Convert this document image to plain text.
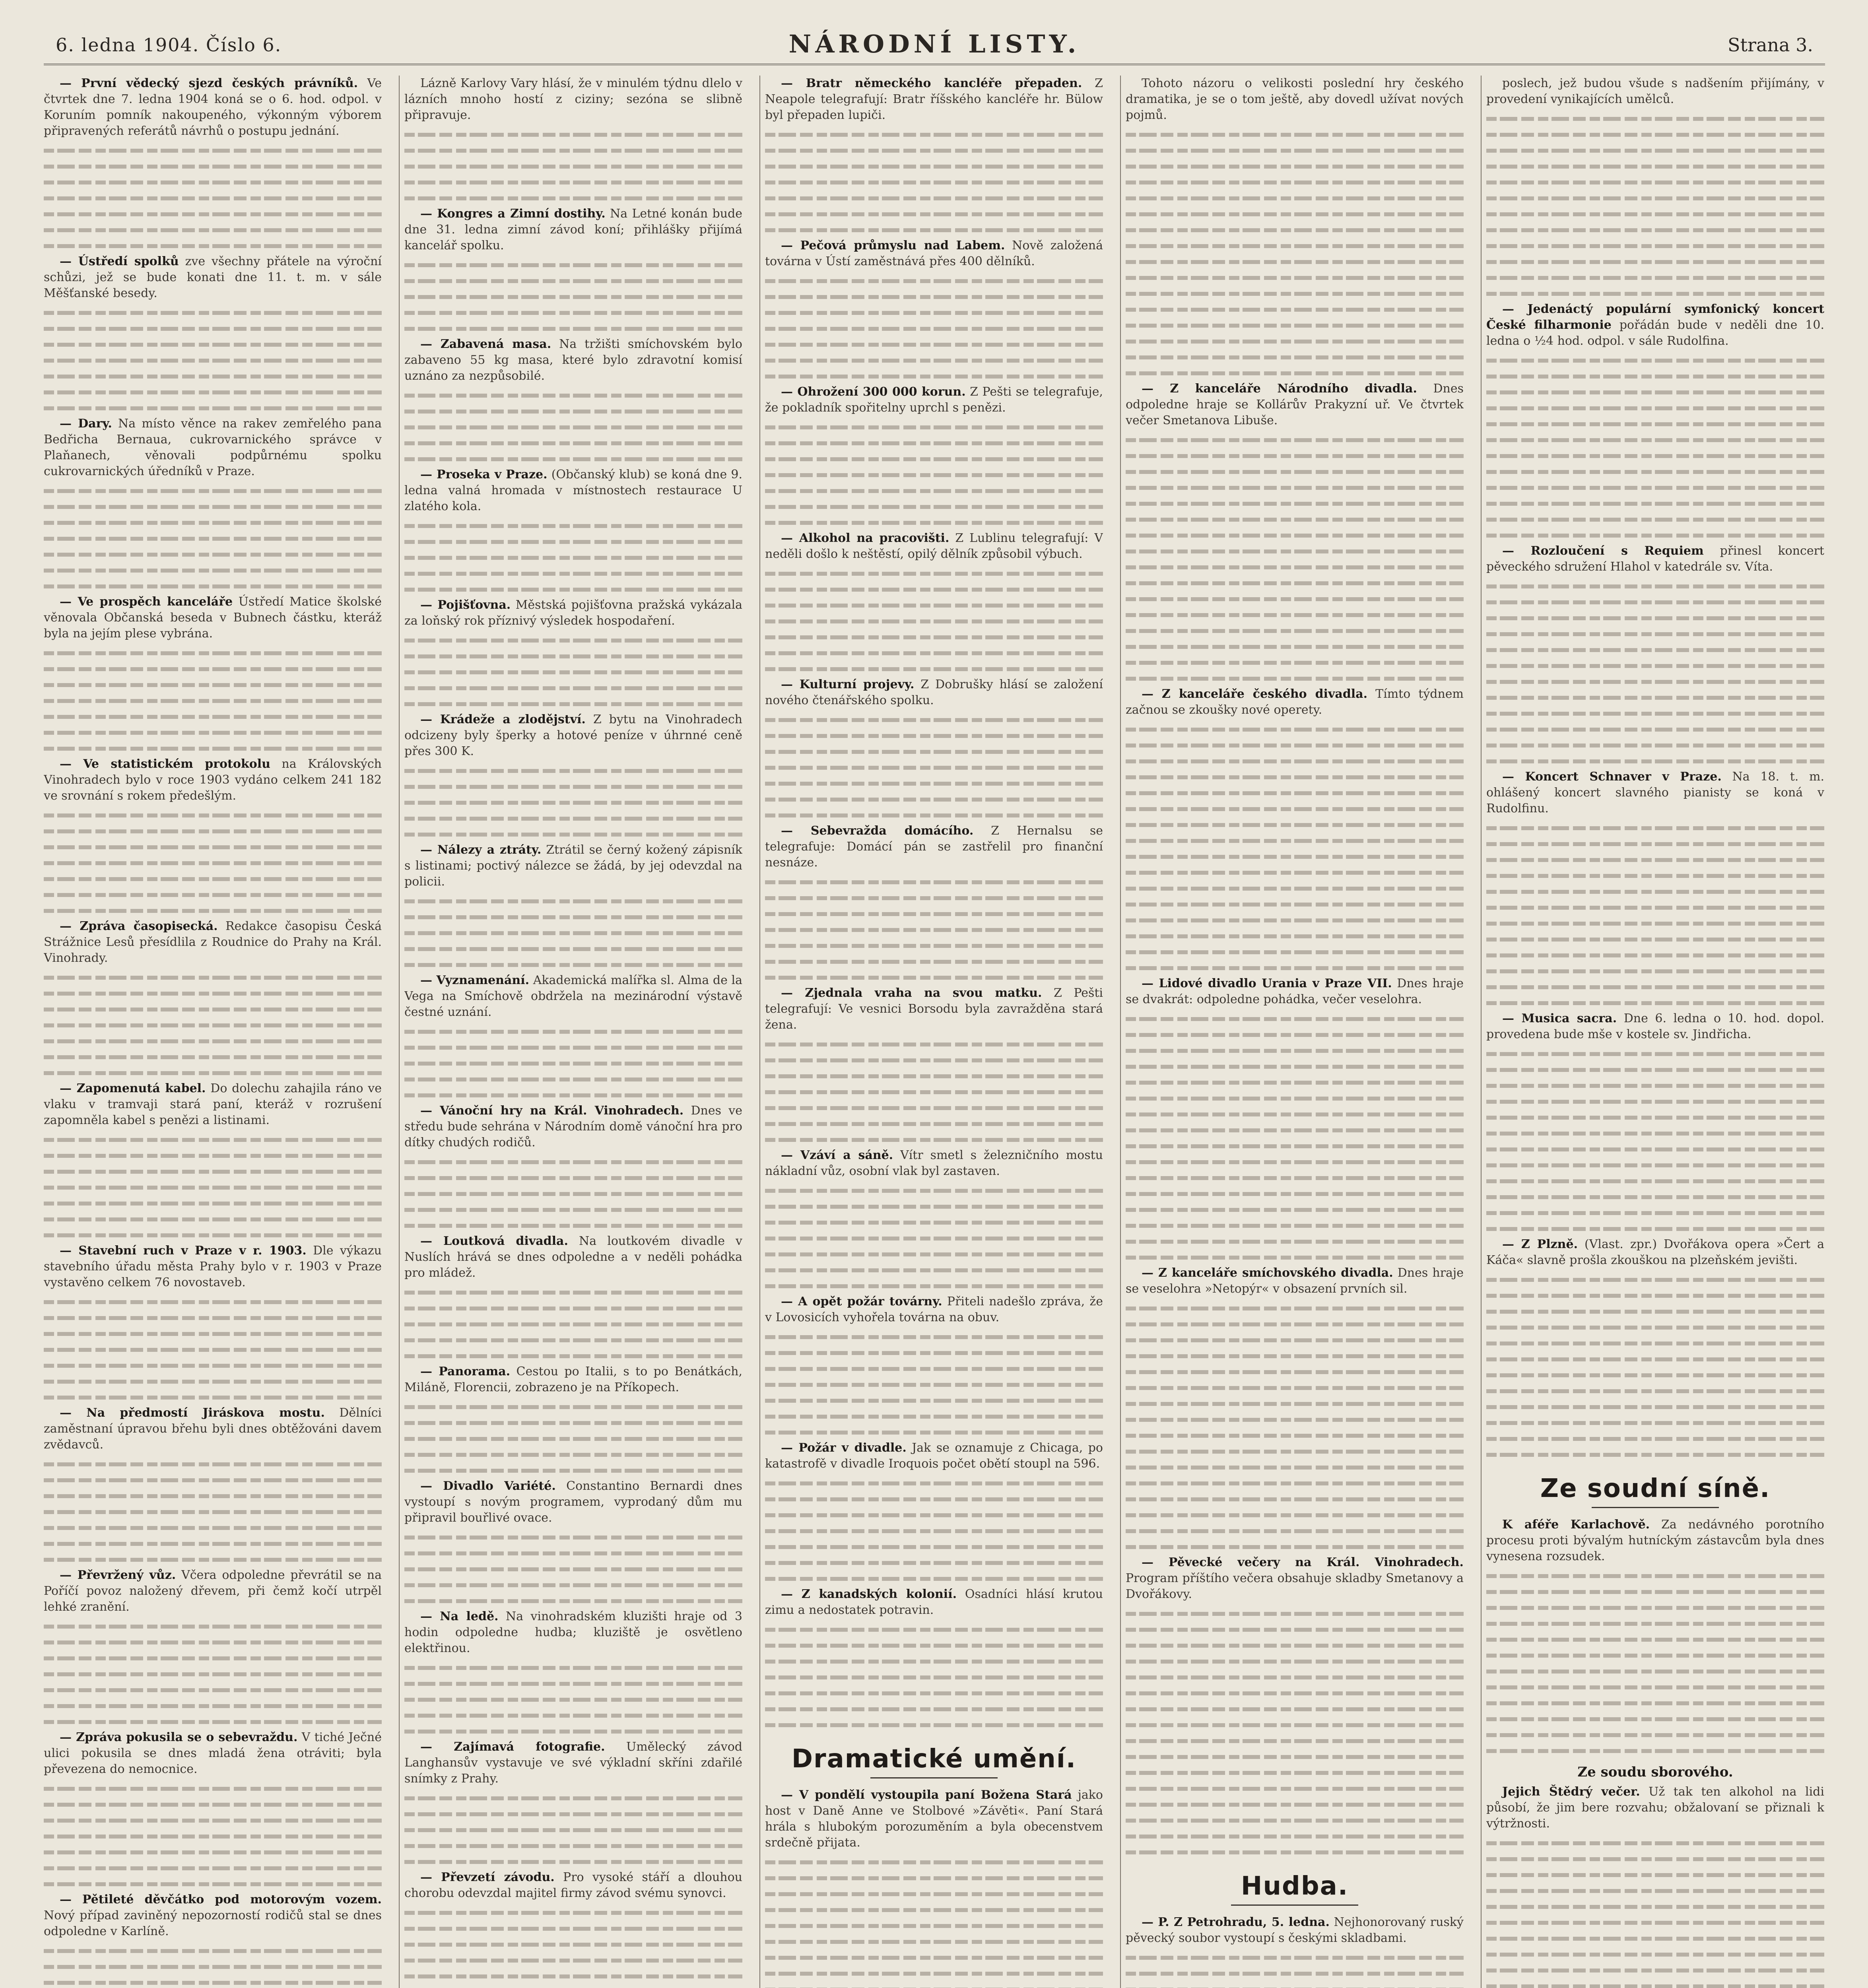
6. ledna 1904. Číslo 6.	NÁRODNÍ LISTY.	Strana 3.

— První vědecký sjezd českých právníků. Ve čtvrtek dne 7. ledna 1904 koná se o 6. hod. odpol. v Koruním pomník nakoupeného, výkonným výborem připravených referátů návrhů o postupu jednání.

— Ústředí spolků zve všechny přátele na výroční schůzi, jež se bude konati dne 11. t. m. v sále Měšťanské besedy.

— Dary. Na místo věnce na rakev zemřelého pana Bedřicha Bernaua, cukrovarnického správce v Plaňanech, věnovali podpůrnému spolku cukrovarnických úředníků v Praze.

— Ve prospěch kanceláře Ústředí Matice školské věnovala Občanská beseda v Bubnech částku, kteráž byla na jejím plese vybrána.

— Ve statistickém protokolu na Královských Vinohradech bylo v roce 1903 vydáno celkem 241 182 ve srovnání s rokem předešlým.

— Zpráva časopisecká. Redakce časopisu Česká Strážnice Lesů přesídlila z Roudnice do Prahy na Král. Vinohrady.

— Zapomenutá kabel. Do dolechu zahajila ráno ve vlaku v tramvaji stará paní, kteráž v rozrušení zapomněla kabel s penězi a listinami.

— Stavební ruch v Praze v r. 1903. Dle výkazu stavebního úřadu města Prahy bylo v r. 1903 v Praze vystavěno celkem 76 novostaveb.

— Na předmostí Jiráskova mostu. Dělníci zaměstnaní úpravou břehu byli dnes obtěžováni davem zvědavců.

— Převržený vůz. Včera odpoledne převrátil se na Poříčí povoz naložený dřevem, při čemž kočí utrpěl lehké zranění.

— Zpráva pokusila se o sebevraždu. V tiché Ječné ulici pokusila se dnes mladá žena otráviti; byla převezena do nemocnice.

— Pětileté děvčátko pod motorovým vozem. Nový případ zaviněný nepozorností rodičů stal se dnes odpoledne v Karlíně.

Lázně Karlovy Vary hlásí, že v minulém týdnu dlelo v lázních mnoho hostí z ciziny; sezóna se slibně připravuje.

— Kongres a Zimní dostihy. Na Letné konán bude dne 31. ledna zimní závod koní; přihlášky přijímá kancelář spolku.

— Zabavená masa. Na tržišti smíchovském bylo zabaveno 55 kg masa, které bylo zdravotní komisí uznáno za nezpůsobilé.

— Proseka v Praze. (Občanský klub) se koná dne 9. ledna valná hromada v místnostech restaurace U zlatého kola.

— Pojišťovna. Městská pojišťovna pražská vykázala za loňský rok příznivý výsledek hospodaření.

— Krádeže a zlodějství. Z bytu na Vinohradech odcizeny byly šperky a hotové peníze v úhrnné ceně přes 300 K.

— Nálezy a ztráty. Ztrátil se černý kožený zápisník s listinami; poctivý nálezce se žádá, by jej odevzdal na policii.

— Vyznamenání. Akademická malířka sl. Alma de la Vega na Smíchově obdržela na mezinárodní výstavě čestné uznání.

— Vánoční hry na Král. Vinohradech. Dnes ve středu bude sehrána v Národním domě vánoční hra pro dítky chudých rodičů.

— Loutková divadla. Na loutkovém divadle v Nuslích hrává se dnes odpoledne a v neděli pohádka pro mládež.

— Panorama. Cestou po Italii, s to po Benátkách, Miláně, Florencii, zobrazeno je na Příkopech.

— Divadlo Variété. Constantino Bernardi dnes vystoupí s novým programem, vyprodaný dům mu připravil bouřlivé ovace.

— Na ledě. Na vinohradském kluzišti hraje od 3 hodin odpoledne hudba; kluziště je osvětleno elektřinou.

— Zajímavá fotografie. Umělecký závod Langhansův vystavuje ve své výkladní skříni zdařilé snímky z Prahy.

— Převzetí závodu. Pro vysoké stáří a dlouhou chorobu odevzdal majitel firmy závod svému synovci.

— Bratr německého kancléře přepaden. Z Neapole telegrafují: Bratr říšského kancléře hr. Bülow byl přepaden lupiči.

— Pečová průmyslu nad Labem. Nově založená továrna v Ústí zaměstnává přes 400 dělníků.

— Ohrožení 300 000 korun. Z Pešti se telegrafuje, že pokladník spořitelny uprchl s penězi.

— Alkohol na pracovišti. Z Lublinu telegrafují: V neděli došlo k neštěstí, opilý dělník způsobil výbuch.

— Kulturní projevy. Z Dobrušky hlásí se založení nového čtenářského spolku.

— Sebevražda domácího. Z Hernalsu se telegrafuje: Domácí pán se zastřelil pro finanční nesnáze.

— Zjednala vraha na svou matku. Z Pešti telegrafují: Ve vesnici Borsodu byla zavražděna stará žena.

— Vzáví a sáně. Vítr smetl s železničního mostu nákladní vůz, osobní vlak byl zastaven.

— A opět požár továrny. Přiteli nadešlo zpráva, že v Lovosicích vyhořela továrna na obuv.

— Požár v divadle. Jak se oznamuje z Chicaga, po katastrofě v divadle Iroquois počet obětí stoupl na 596.

— Z kanadských kolonií. Osadníci hlásí krutou zimu a nedostatek potravin.

Dramatické umění.

— V pondělí vystoupila paní Božena Stará jako host v Daně Anne ve Stolbové »Závěti«. Paní Stará hrála s hlubokým porozuměním a byla obecenstvem srdečně přijata.

Tohoto názoru o velikosti poslední hry českého dramatika, je se o tom ještě, aby dovedl užívat nových pojmů.

— Z kanceláře Národního divadla. Dnes odpoledne hraje se Kollárův Prakyzní uř. Ve čtvrtek večer Smetanova Libuše.

— Z kanceláře českého divadla. Tímto týdnem začnou se zkoušky nové operety.

— Lidové divadlo Urania v Praze VII. Dnes hraje se dvakrát: odpoledne pohádka, večer veselohra.

— Z kanceláře smíchovského divadla. Dnes hraje se veselohra »Netopýr« v obsazení prvních sil.

— Pěvecké večery na Král. Vinohradech. Program příštího večera obsahuje skladby Smetanovy a Dvořákovy.

Hudba.

— P. Z Petrohradu, 5. ledna. Nejhonorovaný ruský pěvecký soubor vystoupí s českými skladbami.

poslech, jež budou všude s nadšením přijímány, v provedení vynikajících umělců.

— Jedenáctý populární symfonický koncert České filharmonie pořádán bude v neděli dne 10. ledna o ½4 hod. odpol. v sále Rudolfina.

— Rozloučení s Requiem přinesl koncert pěveckého sdružení Hlahol v katedrále sv. Víta.

— Koncert Schnaver v Praze. Na 18. t. m. ohlášený koncert slavného pianisty se koná v Rudolfinu.

— Musica sacra. Dne 6. ledna o 10. hod. dopol. provedena bude mše v kostele sv. Jindřicha.

— Z Plzně. (Vlast. zpr.) Dvořákova opera »Čert a Káča« slavně prošla zkouškou na plzeňském jevišti.

Ze soudní síně.

K aféře Karlachově. Za nedávného porotního procesu proti bývalým hutníckým zástavcům byla dnes vynesena rozsudek.

Ze soudu sborového.

Jejich Štědrý večer. Už tak ten alkohol na lidi působí, že jim bere rozvahu; obžalovaní se přiznali k výtržnosti.
